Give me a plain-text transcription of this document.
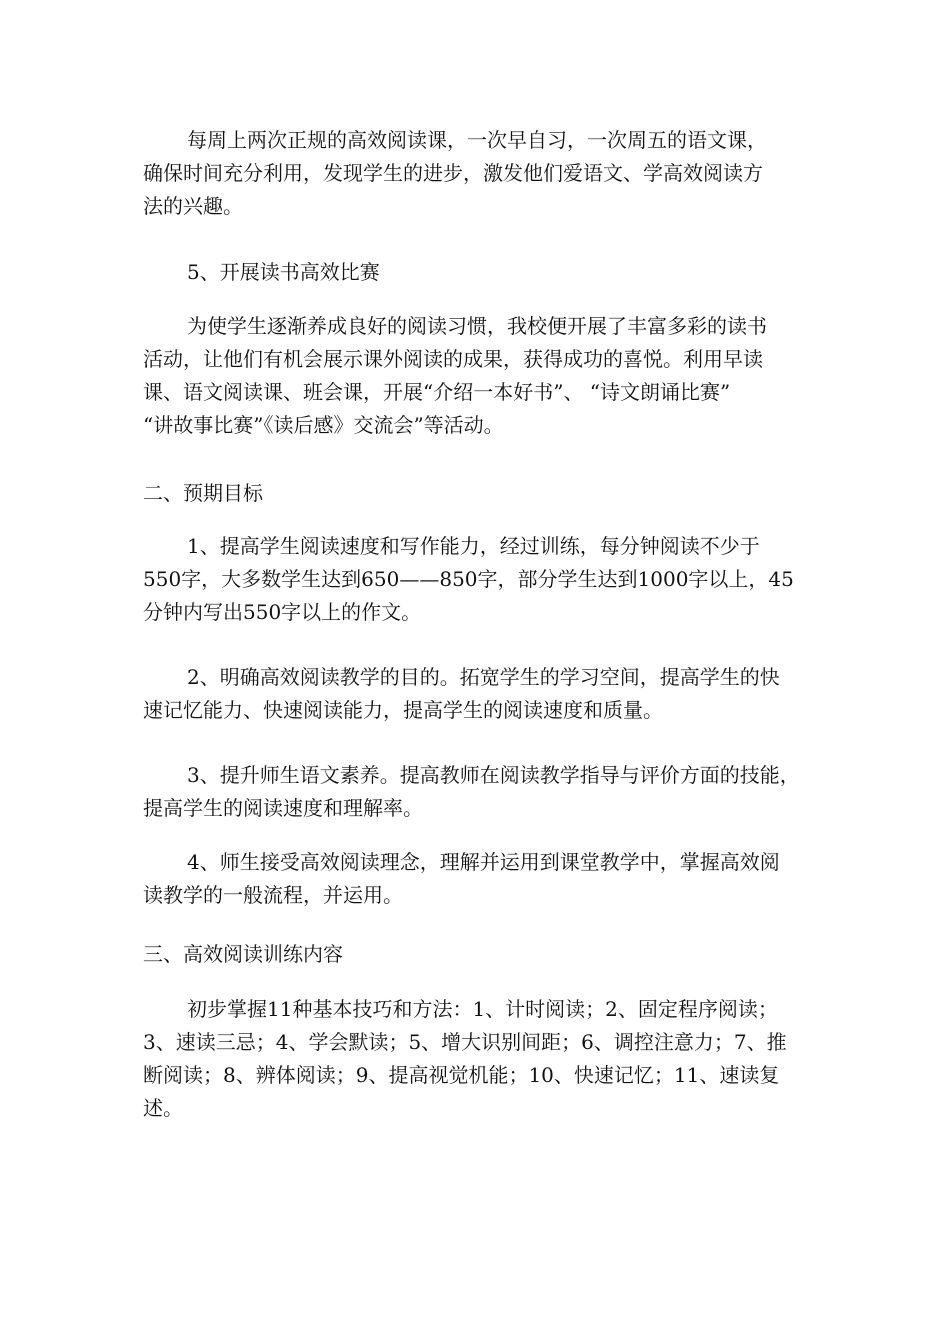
每周上两次正规的高效阅读课，一次早自习，一次周五的语文课，
确保时间充分利用，发现学生的进步，激发他们爱语文、学高效阅读方
法的兴趣。

5、开展读书高效比赛

为使学生逐渐养成良好的阅读习惯，我校便开展了丰富多彩的读书
活动，让他们有机会展示课外阅读的成果，获得成功的喜悦。利用早读
课、语文阅读课、班会课，开展“介绍一本好书”、 “诗文朗诵比赛”
“讲故事比赛”《读后感》交流会”等活动。

二、预期目标

1、提高学生阅读速度和写作能力，经过训练，每分钟阅读不少于
550字，大多数学生达到650——850字，部分学生达到1000字以上，45
分钟内写出550字以上的作文。

2、明确高效阅读教学的目的。拓宽学生的学习空间，提高学生的快
速记忆能力、快速阅读能力，提高学生的阅读速度和质量。

3、提升师生语文素养。提高教师在阅读教学指导与评价方面的技能，
提高学生的阅读速度和理解率。

4、师生接受高效阅读理念，理解并运用到课堂教学中，掌握高效阅
读教学的一般流程，并运用。

三、高效阅读训练内容

初步掌握11种基本技巧和方法：1、计时阅读；2、固定程序阅读；
3、速读三忌；4、学会默读；5、增大识别间距；6、调控注意力；7、推
断阅读；8、辨体阅读；9、提高视觉机能；10、快速记忆；11、速读复
述。
